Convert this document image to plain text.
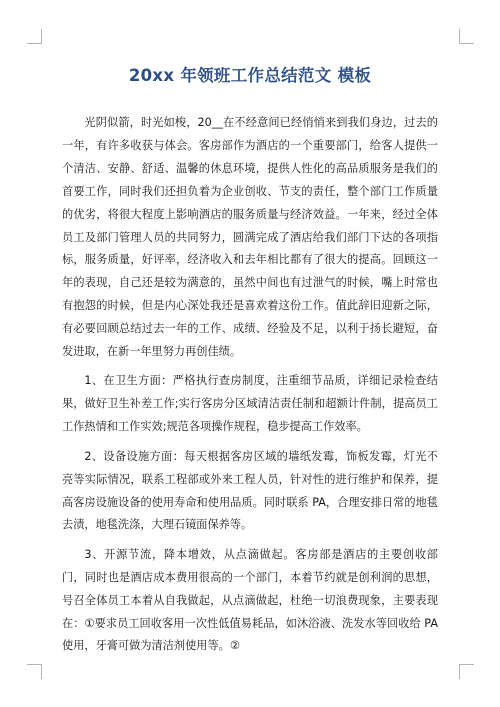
20xx 年领班工作总结范文 模板

光阴似箭，时光如梭，20__在不经意间已经悄悄来到我们身边，过去的一年，有许多收获与体会。客房部作为酒店的一个重要部门，给客人提供一个清洁、安静、舒适、温馨的休息环境，提供人性化的高品质服务是我们的首要工作，同时我们还担负着为企业创收、节支的责任，整个部门工作质量的优劣，将很大程度上影响酒店的服务质量与经济效益。一年来，经过全体员工及部门管理人员的共同努力，圆满完成了酒店给我们部门下达的各项指标，服务质量，好评率，经济收入和去年相比都有了很大的提高。回顾这一年的表现，自己还是较为满意的，虽然中间也有过泄气的时候，嘴上时常也有抱怨的时候，但是内心深处我还是喜欢着这份工作。值此辞旧迎新之际，有必要回顾总结过去一年的工作、成绩、经验及不足，以利于扬长避短，奋发进取，在新一年里努力再创佳绩。

1、在卫生方面：严格执行查房制度，注重细节品质，详细记录检查结果，做好卫生补差工作;实行客房分区域清洁责任制和超额计件制，提高员工工作热情和工作实效;规范各项操作规程，稳步提高工作效率。

2、设备设施方面：每天根据客房区域的墙纸发霉，饰板发霉，灯光不亮等实际情况，联系工程部或外来工程人员，针对性的进行维护和保养，提高客房设施设备的使用寿命和使用品质。同时联系 PA，合理安排日常的地毯去渍，地毯洗涤，大理石镜面保养等。

3、开源节流，降本增效，从点滴做起。客房部是酒店的主要创收部门，同时也是酒店成本费用很高的一个部门，本着节约就是创利润的思想，号召全体员工本着从自我做起，从点滴做起，杜绝一切浪费现象，主要表现在：①要求员工回收客用一次性低值易耗品，如沐浴液、洗发水等回收给 PA 使用，牙膏可做为清洁剂使用等。②
